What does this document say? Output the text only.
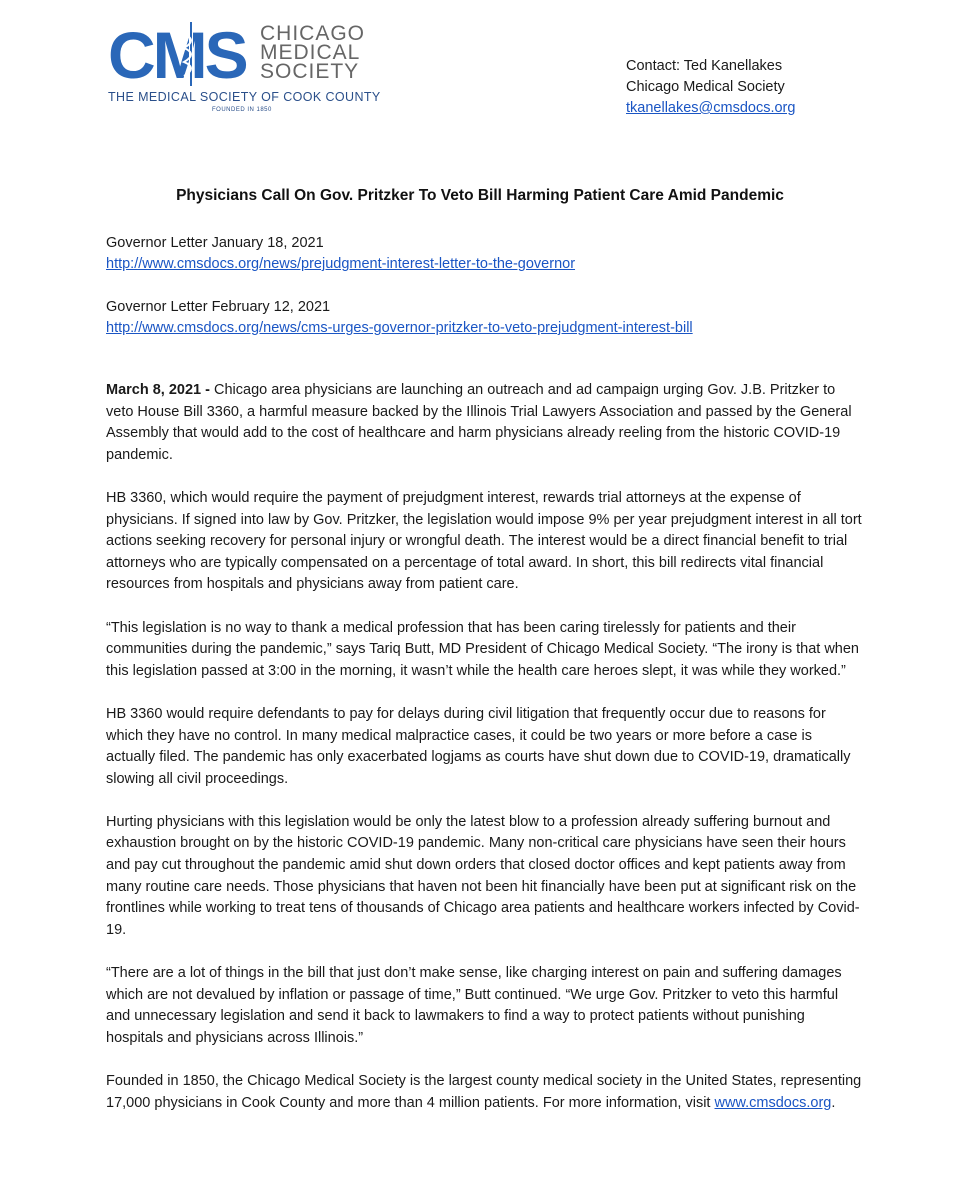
CMS CHICAGO
MEDICAL
SOCIETY
THE MEDICAL SOCIETY OF COOK COUNTY
FOUNDED IN 1850
Contact: Ted Kanellakes
Chicago Medical Society
tkanellakes@cmsdocs.org
Physicians Call On Gov. Pritzker To Veto Bill Harming Patient Care Amid Pandemic
Governor Letter January 18, 2021
http://www.cmsdocs.org/news/prejudgment-interest-letter-to-the-governor
Governor Letter February 12, 2021
http://www.cmsdocs.org/news/cms-urges-governor-pritzker-to-veto-prejudgment-interest-bill

March 8, 2021 - Chicago area physicians are launching an outreach and ad campaign urging Gov. J.B. Pritzker to veto House Bill 3360, a harmful measure backed by the Illinois Trial Lawyers Association and passed by the General Assembly that would add to the cost of healthcare and harm physicians already reeling from the historic COVID-19 pandemic.

HB 3360, which would require the payment of prejudgment interest, rewards trial attorneys at the expense of physicians. If signed into law by Gov. Pritzker, the legislation would impose 9% per year prejudgment interest in all tort actions seeking recovery for personal injury or wrongful death. The interest would be a direct financial benefit to trial attorneys who are typically compensated on a percentage of total award. In short, this bill redirects vital financial resources from hospitals and physicians away from patient care.

“This legislation is no way to thank a medical profession that has been caring tirelessly for patients and their communities during the pandemic,” says Tariq Butt, MD President of Chicago Medical Society. “The irony is that when this legislation passed at 3:00 in the morning, it wasn’t while the health care heroes slept, it was while they worked.”

HB 3360 would require defendants to pay for delays during civil litigation that frequently occur due to reasons for which they have no control. In many medical malpractice cases, it could be two years or more before a case is actually filed. The pandemic has only exacerbated logjams as courts have shut down due to COVID-19, dramatically slowing all civil proceedings.

Hurting physicians with this legislation would be only the latest blow to a profession already suffering burnout and exhaustion brought on by the historic COVID-19 pandemic. Many non-critical care physicians have seen their hours and pay cut throughout the pandemic amid shut down orders that closed doctor offices and kept patients away from many routine care needs. Those physicians that haven not been hit financially have been put at significant risk on the frontlines while working to treat tens of thousands of Chicago area patients and healthcare workers infected by Covid-19.

“There are a lot of things in the bill that just don’t make sense, like charging interest on pain and suffering damages which are not devalued by inflation or passage of time,” Butt continued. “We urge Gov. Pritzker to veto this harmful and unnecessary legislation and send it back to lawmakers to find a way to protect patients without punishing hospitals and physicians across Illinois.”

Founded in 1850, the Chicago Medical Society is the largest county medical society in the United States, representing 17,000 physicians in Cook County and more than 4 million patients. For more information, visit www.cmsdocs.org.
